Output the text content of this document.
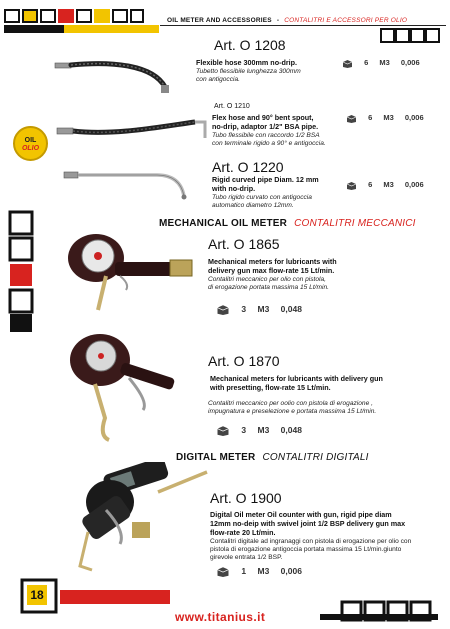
OIL METER AND ACCESSORIES - CONTALITRI E ACCESSORI PER OLIO
OIL
OLIO
Art. O 1208
Flexible hose 300mm no-drip.
Tubetto flessibile lunghezza 300mm
con antigoccia.
6 M3 0,006
Art. O 1210
Flex hose and 90° bent spout,
no-drip, adaptor 1/2" BSA pipe.
Tubo flessibile con raccordo 1/2 BSA
con terminale rigido a 90° e antigoccia.
6 M3 0,006
Art. O 1220
Rigid curved pipe Diam. 12 mm
with no-drip.
Tubo rigido curvato con antigoccia
automatico diametro 12mm.
6 M3 0,006
MECHANICAL OIL METER CONTALITRI MECCANICI
Art. O 1865
Mechanical meters for lubricants with
delivery gun max flow-rate 15 Lt/min.
Contalitri meccanico per olio con pistola,
di erogazione portata massima 15 Lt/min.
3 M3 0,048
Art. O 1870
Mechanical meters for lubricants with delivery gun
with presetting, flow-rate 15 Lt/min.
Contalitri meccanico per oolio con pistola di erogazione ,
impugnatura e preselezione e portata massima 15 Lt/min.
3 M3 0,048
DIGITAL METER CONTALITRI DIGITALI
Art. O 1900
Digital Oil meter Oil counter with gun, rigid pipe diam
12mm no-deip with swivel joint 1/2 BSP delivery gun max
flow-rate 20 Lt/min.
Contalitri digitale ad ingranaggi con pistola di erogazione per olio con
pistola di erogazione antigoccia portata massima 15 Lt/min.giunto
girevole entrata 1/2 BSP.
1 M3 0,006
18
www.titanius.it
